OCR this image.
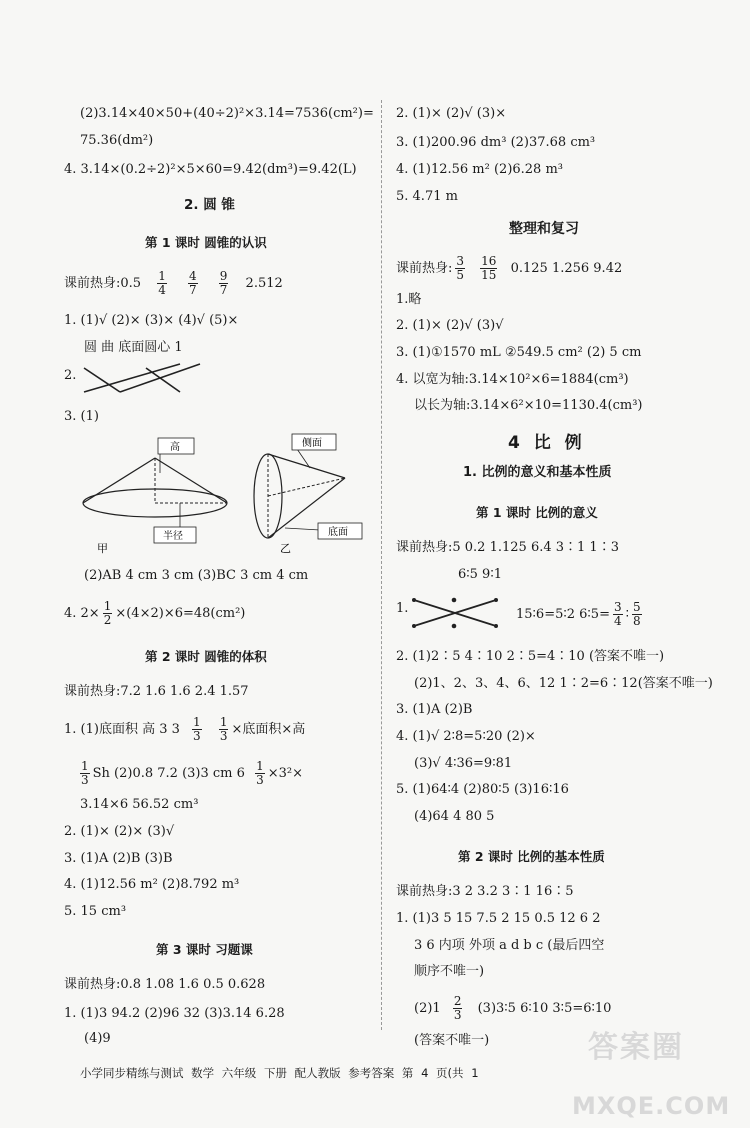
(2)3.14×40×50+(40÷2)²×3.14=7536(cm²)=
75.36(dm²)
4. 3.14×(0.2÷2)²×5×60=9.42(dm³)=9.42(L)
2. 圆 锥
第 1 课时 圆锥的认识
课前热身:0.5 $\frac{1}{4}$
$\frac{4}{7}$
$\frac{9}{7} 2.512$
1. (1)√ (2)× (3)× (4)√ (5)×
圆 曲 底面圆心 1
2.
3. (1)
高
半径
甲
侧面
底面
乙
(2)AB 4 cm 3 cm (3)BC 3 cm 4 cm
4. $2\times \frac{1}{2} \times(4\times 2)\times 6=48(cm^2)$
第 2 课时 圆锥的体积
课前热身:7.2 1.6 1.6 2.4 1.57
1. (1)底面积 高 3 $3 \frac{1}{3}$
$\frac{1}{3}$ ×底面积×高
$\frac{1}{3}$ Sh (2)0.8 7.2 (3)3 cm $6 \frac{1}{3} \times 3^2\times$
3.14×6 56.52 cm³
2. (1)× (2)× (3)√
3. (1)A (2)B (3)B
4. (1)12.56 m² (2)8.792 m³
5. 15 cm³
第 3 课时 习题课
课前热身:0.8 1.08 1.6 0.5 0.628
1. (1)3 94.2 (2)96 32 (3)3.14 6.28
(4)9
2. (1)× (2)√ (3)×
3. (1)200.96 dm³ (2)37.68 cm³
4. (1)12.56 m² (2)6.28 m³
5. 4.71 m
整理和复习
课前热身: $\frac{3}{5}$
$\frac{16}{15} 0.125$ 1.256 9.42
1.略
2. (1)× (2)√ (3)√
3. (1)①1570 mL ②549.5 cm² (2) 5 cm
4. 以宽为轴:3.14×10²×6=1884(cm³)
以长为轴:3.14×6²×10=1130.4(cm³)
4 比 例
1. 比例的意义和基本性质
第 1 课时 比例的意义
课前热身:5 0.2 1.125 6.4 3∶1 1∶3
6∶5 9∶1
1.	15∶6=5∶2 6∶5= $\frac{3}{4}$ ∶ $\frac{5}{8}$
2. (1)2∶5 4∶10 2∶5=4∶10 (答案不唯一)
(2)1、2、3、4、6、12 1∶2=6∶12(答案不唯一)
3. (1)A (2)B
4. (1)√ 2∶8=5∶20 (2)×
(3)√ 4∶36=9∶81
5. (1)64∶4 (2)80∶5 (3)16∶16
(4)64 4 80 5
第 2 课时 比例的基本性质
课前热身:3 2 3.2 3∶1 16∶5
1. (1)3 5 15 7.5 2 15 0.5 12 6 2
3 6 内项 外项 a d b c (最后四空
顺序不唯一)
$(2)1 \frac{2}{3}$ (3)3∶5 6∶10 3∶5=6∶10
(答案不唯一)
小学同步精练与测试 数学 六年级 下册 配人教版 参考答案 第 4 页(共 1
答案圈
MXQE.COM
